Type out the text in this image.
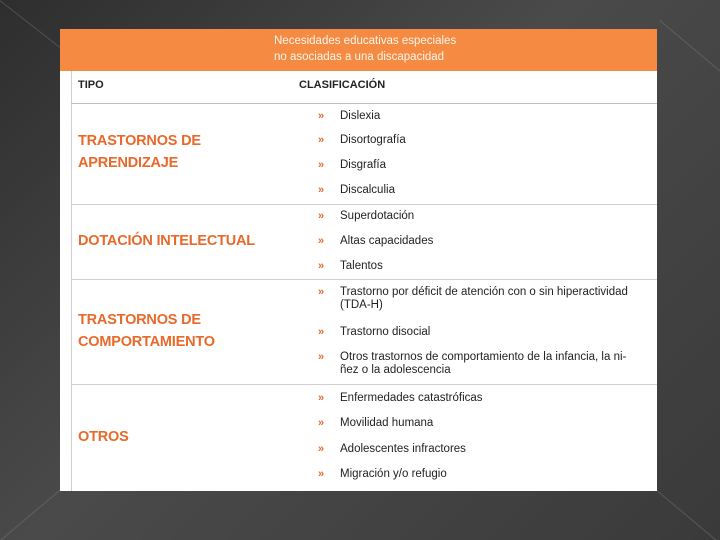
Necesidades educativas especiales
no asociadas a una discapacidad
TIPO	CLASIFICACIÓN
TRASTORNOS DE
APRENDIZAJE
» Dislexia
» Disortografía
» Disgrafía
» Discalculia
DOTACIÓN INTELECTUAL
» Superdotación
» Altas capacidades
» Talentos
TRASTORNOS DE
COMPORTAMIENTO
» Trastorno por déficit de atención con o sin hiperactividad
(TDA-H)
» Trastorno disocial
» Otros trastornos de comportamiento de la infancia, la ni-
ñez o la adolescencia
OTROS
» Enfermedades catastróficas
» Movilidad humana
» Adolescentes infractores
» Migración y/o refugio
